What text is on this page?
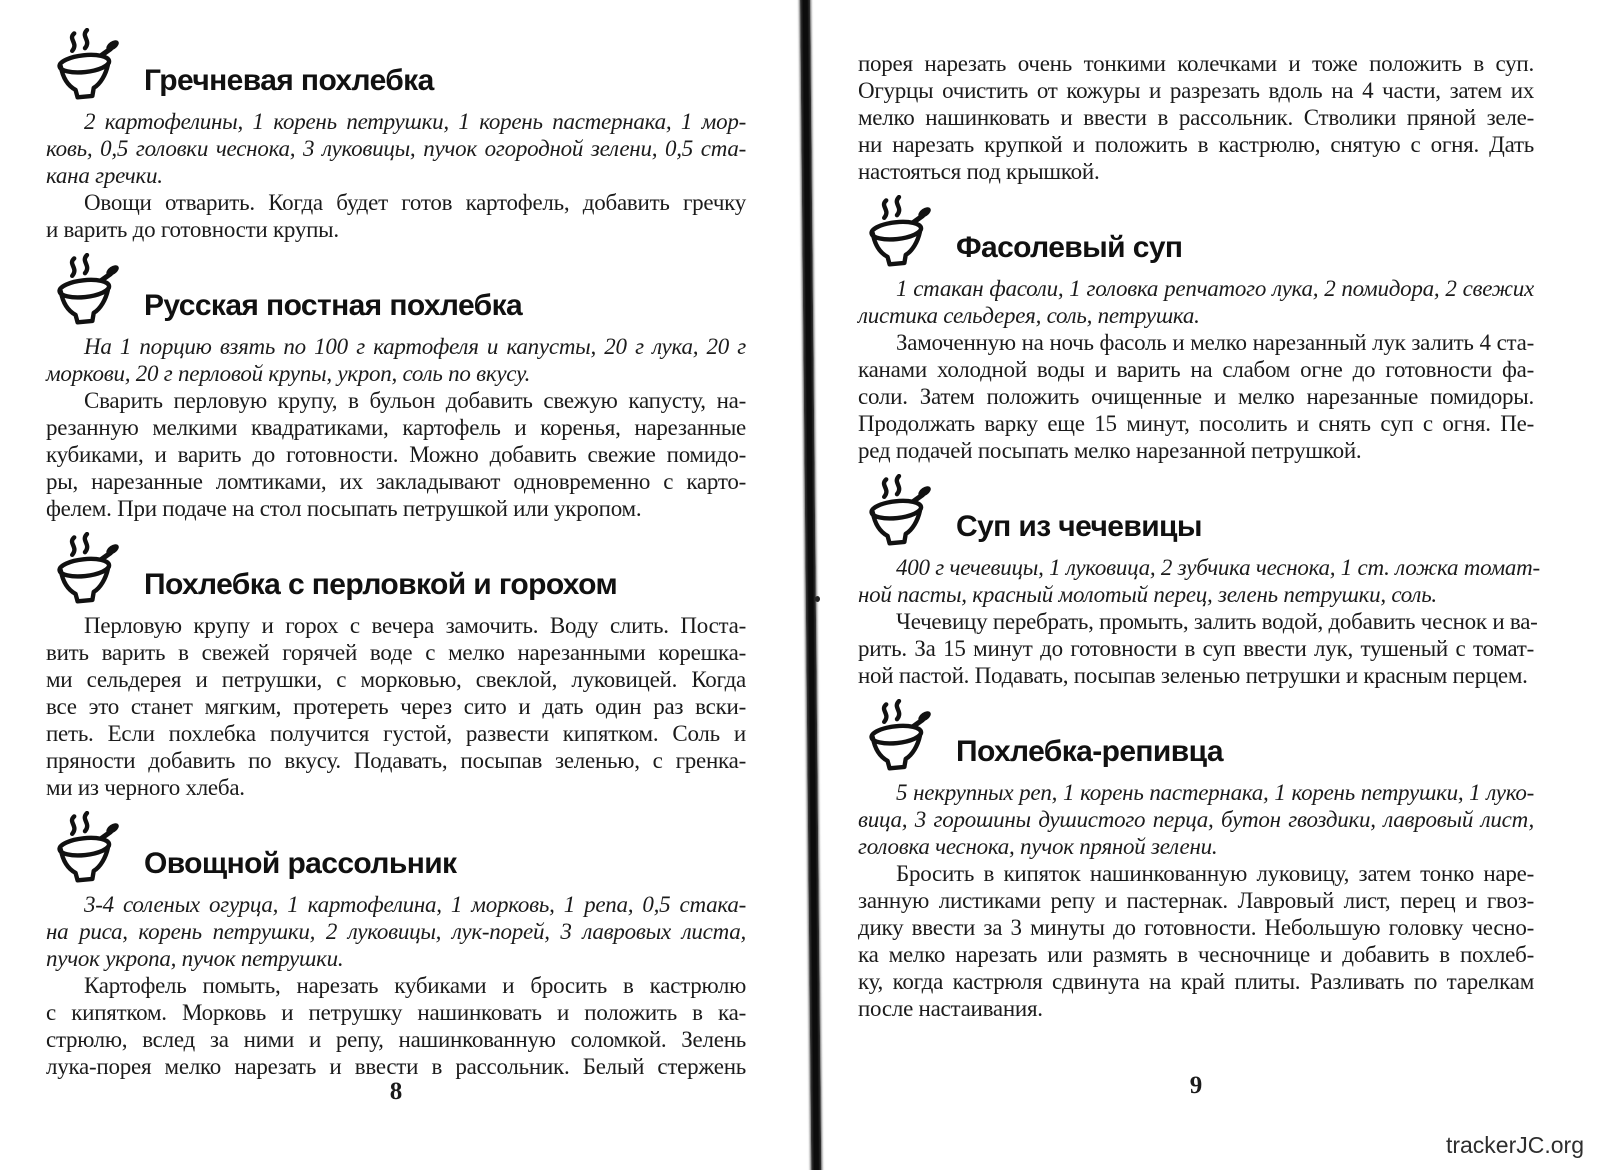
Гречневая похлебка
2 картофелины, 1 корень петрушки, 1 корень пастернака, 1 мор-
ковь, 0,5 головки чеснока, 3 луковицы, пучок огородной зелени, 0,5 ста-
кана гречки.
Овощи отварить. Когда будет готов картофель, добавить гречку
и варить до готовности крупы.
Русская постная похлебка
На 1 порцию взять по 100 г картофеля и капусты, 20 г лука, 20 г
моркови, 20 г перловой крупы, укроп, соль по вкусу.
Сварить перловую крупу, в бульон добавить свежую капусту, на-
резанную мелкими квадратиками, картофель и коренья, нарезанные
кубиками, и варить до готовности. Можно добавить свежие помидо-
ры, нарезанные ломтиками, их закладывают одновременно с карто-
фелем. При подаче на стол посыпать петрушкой или укропом.
Похлебка с перловкой и горохом
Перловую крупу и горох с вечера замочить. Воду слить. Поста-
вить варить в свежей горячей воде с мелко нарезанными корешка-
ми сельдерея и петрушки, с морковью, свеклой, луковицей. Когда
все это станет мягким, протереть через сито и дать один раз вски-
петь. Если похлебка получится густой, развести кипятком. Соль и
пряности добавить по вкусу. Подавать, посыпав зеленью, с гренка-
ми из черного хлеба.
Овощной рассольник
3-4 соленых огурца, 1 картофелина, 1 морковь, 1 репа, 0,5 стака-
на риса, корень петрушки, 2 луковицы, лук-порей, 3 лавровых листа,
пучок укропа, пучок петрушки.
Картофель помыть, нарезать кубиками и бросить в кастрюлю
с кипятком. Морковь и петрушку нашинковать и положить в ка-
стрюлю, вслед за ними и репу, нашинкованную соломкой. Зелень
лука-порея мелко нарезать и ввести в рассольник. Белый стержень
порея нарезать очень тонкими колечками и тоже положить в суп.
Огурцы очистить от кожуры и разрезать вдоль на 4 части, затем их
мелко нашинковать и ввести в рассольник. Стволики пряной зеле-
ни нарезать крупкой и положить в кастрюлю, снятую с огня. Дать
настояться под крышкой.
Фасолевый суп
1 стакан фасоли, 1 головка репчатого лука, 2 помидора, 2 свежих
листика сельдерея, соль, петрушка.
Замоченную на ночь фасоль и мелко нарезанный лук залить 4 ста-
канами холодной воды и варить на слабом огне до готовности фа-
соли. Затем положить очищенные и мелко нарезанные помидоры.
Продолжать варку еще 15 минут, посолить и снять суп с огня. Пе-
ред подачей посыпать мелко нарезанной петрушкой.
Суп из чечевицы
400 г чечевицы, 1 луковица, 2 зубчика чеснока, 1 ст. ложка томат-
ной пасты, красный молотый перец, зелень петрушки, соль.
Чечевицу перебрать, промыть, залить водой, добавить чеснок и ва-
рить. За 15 минут до готовности в суп ввести лук, тушеный с томат-
ной пастой. Подавать, посыпав зеленью петрушки и красным перцем.
Похлебка-репивца
5 некрупных реп, 1 корень пастернака, 1 корень петрушки, 1 луко-
вица, 3 горошины душистого перца, бутон гвоздики, лавровый лист,
головка чеснока, пучок пряной зелени.
Бросить в кипяток нашинкованную луковицу, затем тонко наре-
занную листиками репу и пастернак. Лавровый лист, перец и гвоз-
дику ввести за 3 минуты до готовности. Небольшую головку чесно-
ка мелко нарезать или размять в чесночнице и добавить в похлеб-
ку, когда кастрюля сдвинута на край плиты. Разливать по тарелкам
после настаивания.
8	9
trackerJC.org
